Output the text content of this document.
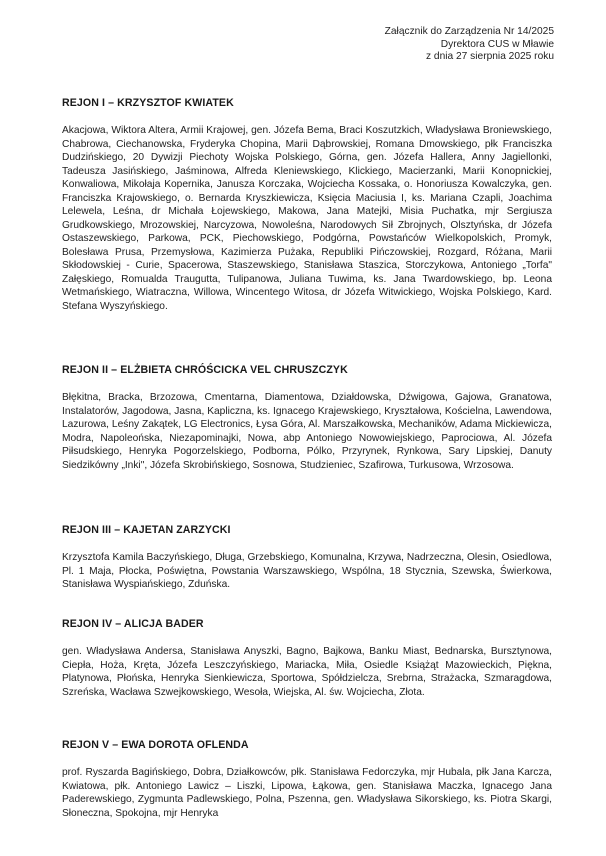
Załącznik do Zarządzenia Nr 14/2025
Dyrektora CUS w Mławie
z dnia 27 sierpnia 2025 roku
REJON I – KRZYSZTOF KWIATEK
Akacjowa, Wiktora Altera, Armii Krajowej, gen. Józefa Bema, Braci Koszutzkich, Władysława Broniewskiego, Chabrowa, Ciechanowska, Fryderyka Chopina, Marii Dąbrowskiej, Romana Dmowskiego, płk Franciszka Dudzińskiego, 20 Dywizji Piechoty Wojska Polskiego, Górna, gen. Józefa Hallera, Anny Jagiellonki, Tadeusza Jasińskiego, Jaśminowa, Alfreda Kleniewskiego, Klickiego, Macierzanki, Marii Konopnickiej, Konwaliowa, Mikołaja Kopernika, Janusza Korczaka, Wojciecha Kossaka, o. Honoriusza Kowalczyka, gen. Franciszka Krajowskiego, o. Bernarda Kryszkiewicza, Księcia Maciusia I, ks. Mariana Czapli, Joachima Lelewela, Leśna, dr Michała Łojewskiego, Makowa, Jana Matejki, Misia Puchatka, mjr Sergiusza Grudkowskiego, Mrozowskiej, Narcyzowa, Nowoleśna, Narodowych Sił Zbrojnych, Olsztyńska, dr Józefa Ostaszewskiego, Parkowa, PCK, Piechowskiego, Podgórna, Powstańców Wielkopolskich, Promyk, Bolesława Prusa, Przemysłowa, Kazimierza Pużaka, Republiki Pińczowskiej, Rozgard, Różana, Marii Skłodowskiej - Curie, Spacerowa, Staszewskiego, Stanisława Staszica, Storczykowa, Antoniego „Torfa" Załęskiego, Romualda Traugutta, Tulipanowa, Juliana Tuwima, ks. Jana Twardowskiego, bp. Leona Wetmańskiego, Wiatraczna, Willowa, Wincentego Witosa, dr Józefa Witwickiego, Wojska Polskiego, Kard. Stefana Wyszyńskiego.
REJON II – ELŻBIETA CHRÓŚCICKA VEL CHRUSZCZYK
Błękitna, Bracka, Brzozowa, Cmentarna, Diamentowa, Działdowska, Dźwigowa, Gajowa, Granatowa, Instalatorów, Jagodowa, Jasna, Kapliczna, ks. Ignacego Krajewskiego, Kryształowa, Kościelna, Lawendowa, Lazurowa, Leśny Zakątek, LG Electronics, Łysa Góra, Al. Marszałkowska, Mechaników, Adama Mickiewicza, Modra, Napoleońska, Niezapominajki, Nowa, abp Antoniego Nowowiejskiego, Paprociowa, Al. Józefa Piłsudskiego, Henryka Pogorzelskiego, Podborna, Pólko, Przyrynek, Rynkowa, Sary Lipskiej, Danuty Siedzikówny „Inki", Józefa Skrobińskiego, Sosnowa, Studzieniec, Szafirowa, Turkusowa, Wrzosowa.
REJON III – KAJETAN ZARZYCKI
Krzysztofa Kamila Baczyńskiego, Długa, Grzebskiego, Komunalna, Krzywa, Nadrzeczna, Olesin, Osiedlowa, Pl. 1 Maja, Płocka, Poświętna, Powstania Warszawskiego, Wspólna, 18 Stycznia, Szewska, Świerkowa, Stanisława Wyspiańskiego, Zduńska.
REJON IV – ALICJA BADER
gen. Władysława Andersa, Stanisława Anyszki, Bagno, Bajkowa, Banku Miast, Bednarska, Bursztynowa, Ciepła, Hoża, Kręta, Józefa Leszczyńskiego, Mariacka, Miła, Osiedle Książąt Mazowieckich, Piękna, Platynowa, Płońska, Henryka Sienkiewicza, Sportowa, Spółdzielcza, Srebrna, Strażacka, Szmaragdowa, Szreńska, Wacława Szwejkowskiego, Wesoła, Wiejska, Al. św. Wojciecha, Złota.
REJON V – EWA DOROTA OFLENDA
prof. Ryszarda Bagińskiego, Dobra, Działkowców, płk. Stanisława Fedorczyka, mjr Hubala, płk Jana Karcza, Kwiatowa, płk. Antoniego Lawicz – Liszki, Lipowa, Łąkowa, gen. Stanisława Maczka, Ignacego Jana Paderewskiego, Zygmunta Padlewskiego, Polna, Pszenna, gen. Władysława Sikorskiego, ks. Piotra Skargi, Słoneczna, Spokojna, mjr Henryka
